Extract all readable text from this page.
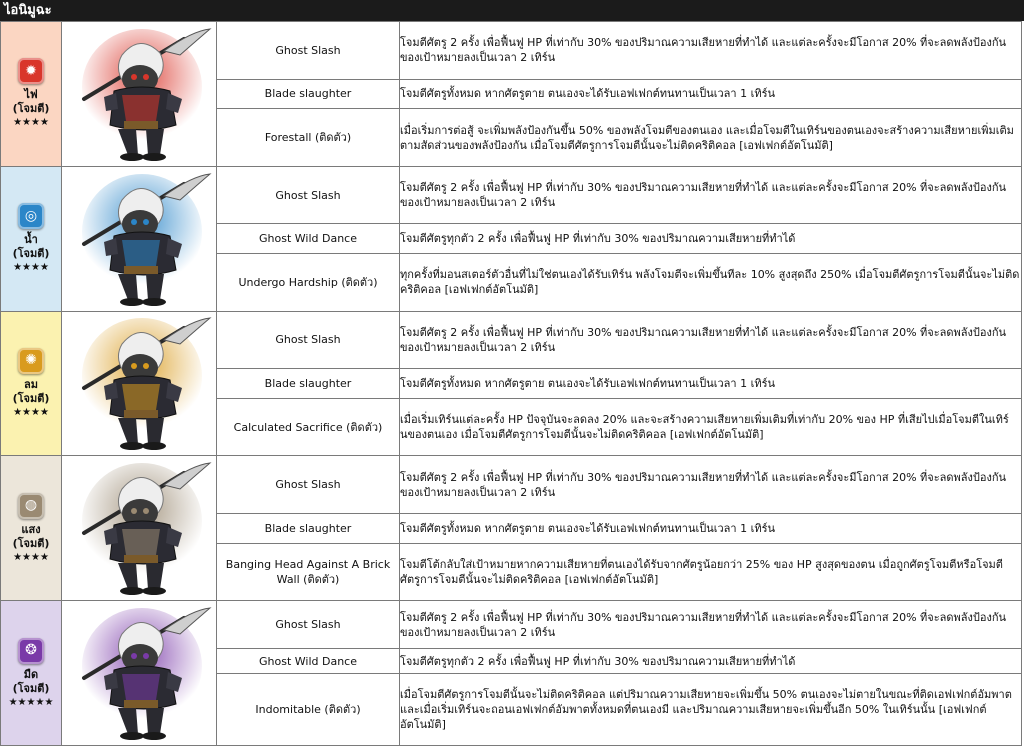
ไอนิมูฉะ
✹
ไฟ
(โจมตี)
★★★★		Ghost Slash	โจมตีศัตรู 2 ครั้ง เพื่อฟื้นฟู HP ที่เท่ากับ 30% ของปริมาณความเสียหายที่ทำได้ และแต่ละครั้งจะมีโอกาส 20% ที่จะลดพลังป้องกันของเป้าหมายลงเป็นเวลา 2 เทิร์น
		Blade slaughter	โจมตีศัตรูทั้งหมด หากศัตรูตาย ตนเองจะได้รับเอฟเฟกต์ทนทานเป็นเวลา 1 เทิร์น
		Forestall (ติดตัว)	เมื่อเริ่มการต่อสู้ จะเพิ่มพลังป้องกันขึ้น 50% ของพลังโจมตีของตนเอง และเมื่อโจมตีในเทิร์นของตนเองจะสร้างความเสียหายเพิ่มเติมตามสัดส่วนของพลังป้องกัน เมื่อโจมตีศัตรูการโจมตีนั้นจะไม่ติดคริติคอล [เอฟเฟกต์อัตโนมัติ]

◎
น้ำ
(โจมตี)
★★★★		Ghost Slash	โจมตีศัตรู 2 ครั้ง เพื่อฟื้นฟู HP ที่เท่ากับ 30% ของปริมาณความเสียหายที่ทำได้ และแต่ละครั้งจะมีโอกาส 20% ที่จะลดพลังป้องกันของเป้าหมายลงเป็นเวลา 2 เทิร์น
		Ghost Wild Dance	โจมตีศัตรูทุกตัว 2 ครั้ง เพื่อฟื้นฟู HP ที่เท่ากับ 30% ของปริมาณความเสียหายที่ทำได้
		Undergo Hardship (ติดตัว)	ทุกครั้งที่มอนสเตอร์ตัวอื่นที่ไม่ใช่ตนเองได้รับเทิร์น พลังโจมตีจะเพิ่มขึ้นทีละ 10% สูงสุดถึง 250% เมื่อโจมตีศัตรูการโจมตีนั้นจะไม่ติดคริติคอล [เอฟเฟกต์อัตโนมัติ]

✺
ลม
(โจมตี)
★★★★		Ghost Slash	โจมตีศัตรู 2 ครั้ง เพื่อฟื้นฟู HP ที่เท่ากับ 30% ของปริมาณความเสียหายที่ทำได้ และแต่ละครั้งจะมีโอกาส 20% ที่จะลดพลังป้องกันของเป้าหมายลงเป็นเวลา 2 เทิร์น
		Blade slaughter	โจมตีศัตรูทั้งหมด หากศัตรูตาย ตนเองจะได้รับเอฟเฟกต์ทนทานเป็นเวลา 1 เทิร์น
		Calculated Sacrifice (ติดตัว)	เมื่อเริ่มเทิร์นแต่ละครั้ง HP ปัจจุบันจะลดลง 20% และจะสร้างความเสียหายเพิ่มเติมที่เท่ากับ 20% ของ HP ที่เสียไปเมื่อโจมตีในเทิร์นของตนเอง เมื่อโจมตีศัตรูการโจมตีนั้นจะไม่ติดคริติคอล [เอฟเฟกต์อัตโนมัติ]

◍
แสง
(โจมตี)
★★★★		Ghost Slash	โจมตีศัตรู 2 ครั้ง เพื่อฟื้นฟู HP ที่เท่ากับ 30% ของปริมาณความเสียหายที่ทำได้ และแต่ละครั้งจะมีโอกาส 20% ที่จะลดพลังป้องกันของเป้าหมายลงเป็นเวลา 2 เทิร์น
		Blade slaughter	โจมตีศัตรูทั้งหมด หากศัตรูตาย ตนเองจะได้รับเอฟเฟกต์ทนทานเป็นเวลา 1 เทิร์น
		Banging Head Against A Brick Wall (ติดตัว)	โจมตีโต้กลับใส่เป้าหมายหากความเสียหายที่ตนเองได้รับจากศัตรูน้อยกว่า 25% ของ HP สูงสุดของตน เมื่อถูกศัตรูโจมตีหรือโจมตีศัตรูการโจมตีนั้นจะไม่ติดคริติคอล [เอฟเฟกต์อัตโนมัติ]

❂
มืด
(โจมตี)
★★★★★		Ghost Slash	โจมตีศัตรู 2 ครั้ง เพื่อฟื้นฟู HP ที่เท่ากับ 30% ของปริมาณความเสียหายที่ทำได้ และแต่ละครั้งจะมีโอกาส 20% ที่จะลดพลังป้องกันของเป้าหมายลงเป็นเวลา 2 เทิร์น
		Ghost Wild Dance	โจมตีศัตรูทุกตัว 2 ครั้ง เพื่อฟื้นฟู HP ที่เท่ากับ 30% ของปริมาณความเสียหายที่ทำได้
		Indomitable (ติดตัว)	เมื่อโจมตีศัตรูการโจมตีนั้นจะไม่ติดคริติคอล แต่ปริมาณความเสียหายจะเพิ่มขึ้น 50% ตนเองจะไม่ตายในขณะที่ติดเอฟเฟกต์อัมพาต และเมื่อเริ่มเทิร์นจะถอนเอฟเฟกต์อัมพาตทั้งหมดที่ตนเองมี และปริมาณความเสียหายจะเพิ่มขึ้นอีก 50% ในเทิร์นนั้น [เอฟเฟกต์อัตโนมัติ]
